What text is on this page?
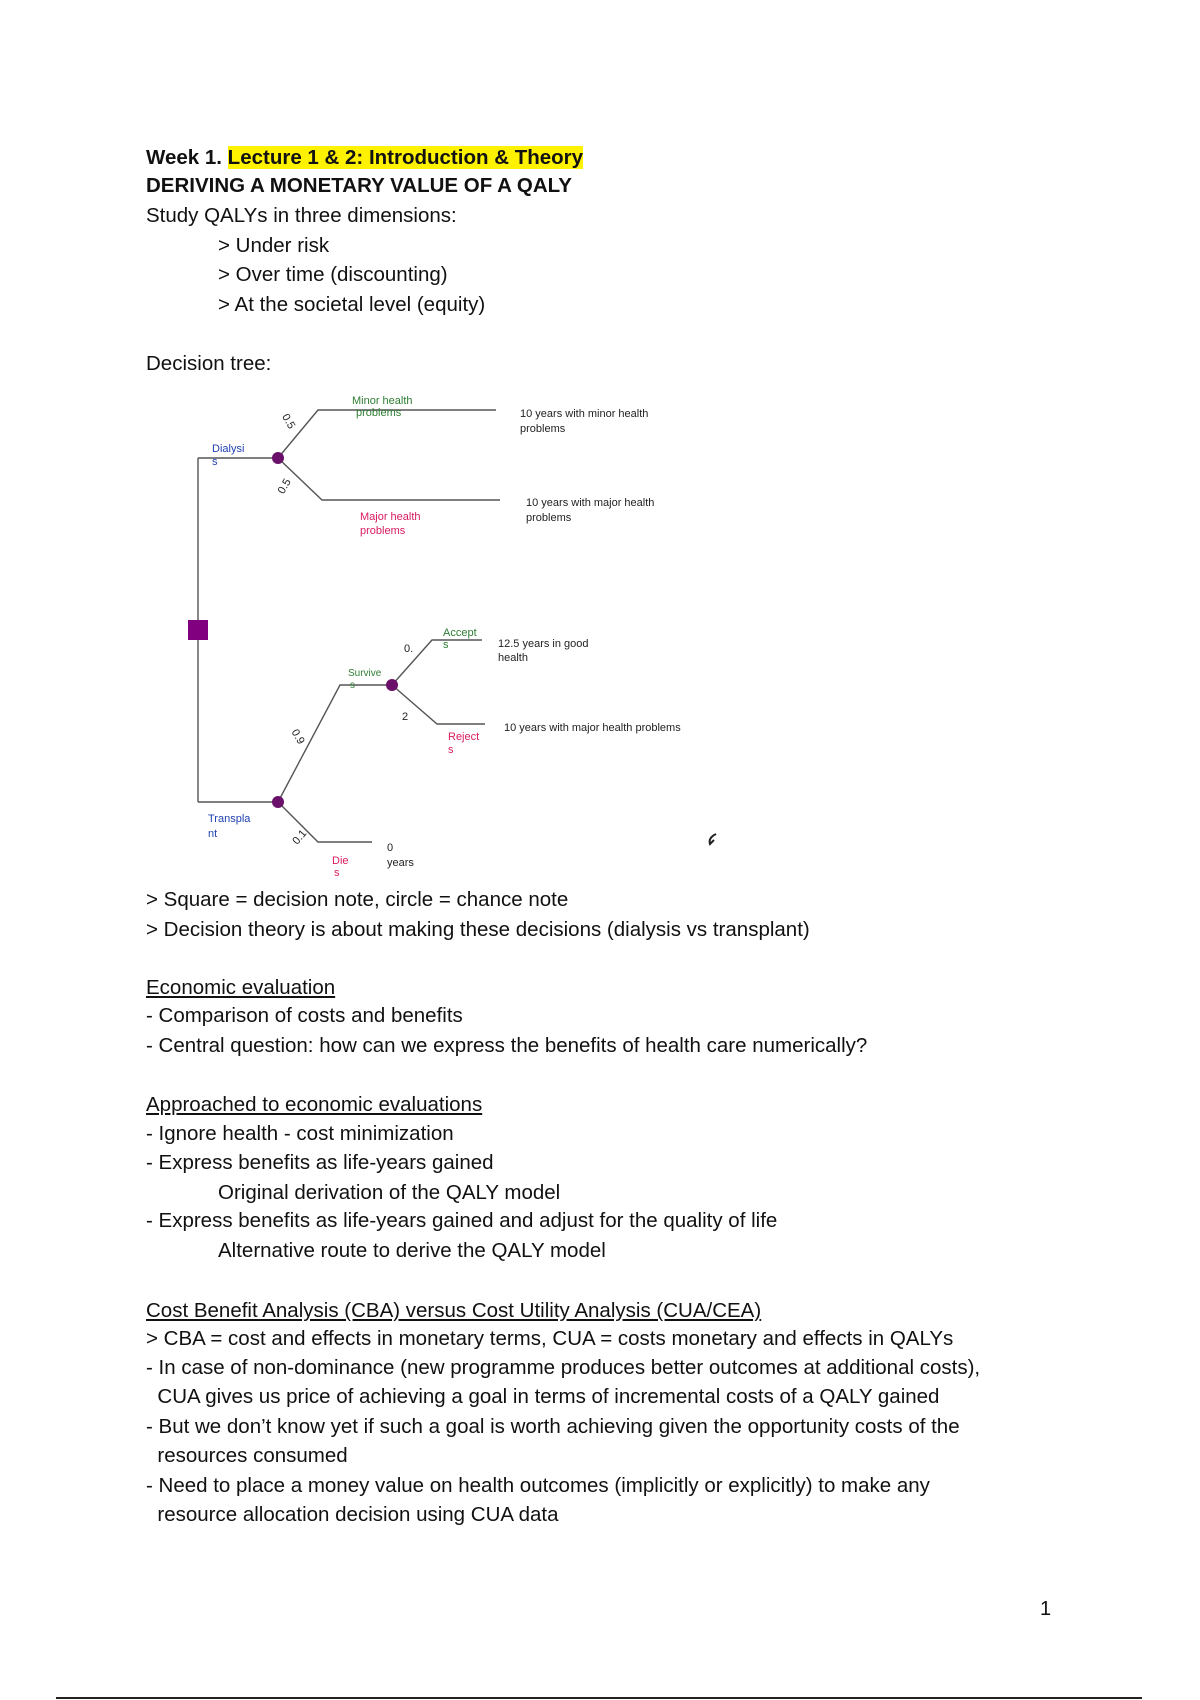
Week 1. Lecture 1 & 2: Introduction & Theory
DERIVING A MONETARY VALUE OF A QALY
Study QALYs in three dimensions:
> Under risk
> Over time (discounting)
> At the societal level (equity)
Decision tree:
Dialysi
s
Minor health
problems	10 years with minor health
problems
0.5
Major health
problems
10 years with major health
problems
0.5
Accept
s	12.5 years in good
health
0.
Survive
s
Reject
s
10 years with major health problems
2
0.9
Transpla
nt	0.1
Die
s
0
years
> Square = decision note, circle = chance note
> Decision theory is about making these decisions (dialysis vs transplant)
Economic evaluation
- Comparison of costs and benefits
- Central question: how can we express the benefits of health care numerically?
Approached to economic evaluations
- Ignore health - cost minimization
- Express benefits as life-years gained
Original derivation of the QALY model
- Express benefits as life-years gained and adjust for the quality of life
Alternative route to derive the QALY model
Cost Benefit Analysis (CBA) versus Cost Utility Analysis (CUA/CEA)
> CBA = cost and effects in monetary terms, CUA = costs monetary and effects in QALYs
- In case of non-dominance (new programme produces better outcomes at additional costs),
CUA gives us price of achieving a goal in terms of incremental costs of a QALY gained
- But we don’t know yet if such a goal is worth achieving given the opportunity costs of the
resources consumed
- Need to place a money value on health outcomes (implicitly or explicitly) to make any
resource allocation decision using CUA data
1
